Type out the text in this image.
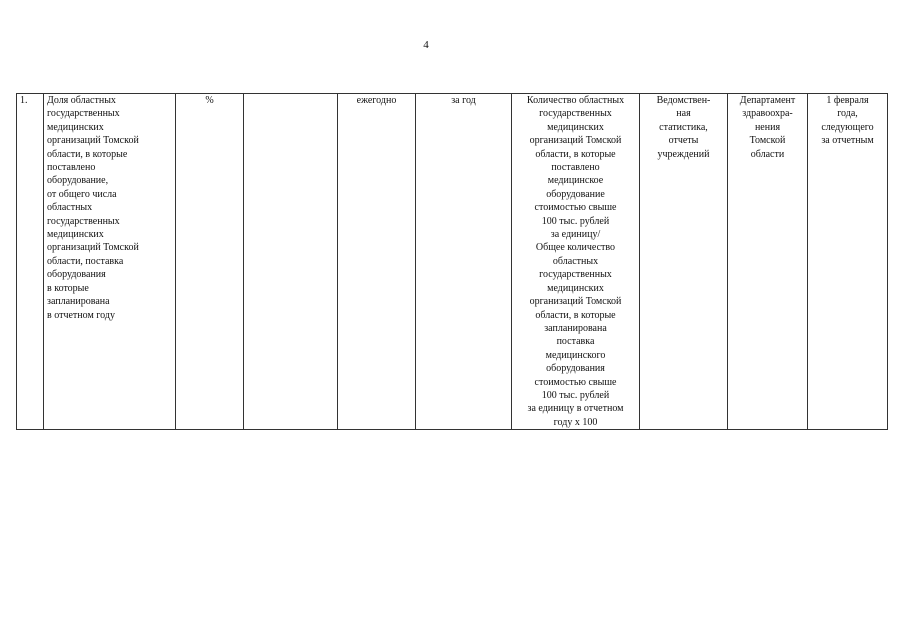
4
1.	Доля областных
государственных
медицинских
организаций Томской
области, в которые
поставлено
оборудование,
от общего числа
областных
государственных
медицинских
организаций Томской
области, поставка
оборудования
в которые
запланирована
в отчетном году	%		ежегодно	за год	Количество областных
государственных
медицинских
организаций Томской
области, в которые
поставлено
медицинское
оборудование
стоимостью свыше
100 тыс. рублей
за единицу/
Общее количество
областных
государственных
медицинских
организаций Томской
области, в которые
запланирована
поставка
медицинского
оборудования
стоимостью свыше
100 тыс. рублей
за единицу в отчетном
году х 100	Ведомствен-
ная
статистика,
отчеты
учреждений	Департамент
здравоохра-
нения
Томской
области	1 февраля
года,
следующего
за отчетным
